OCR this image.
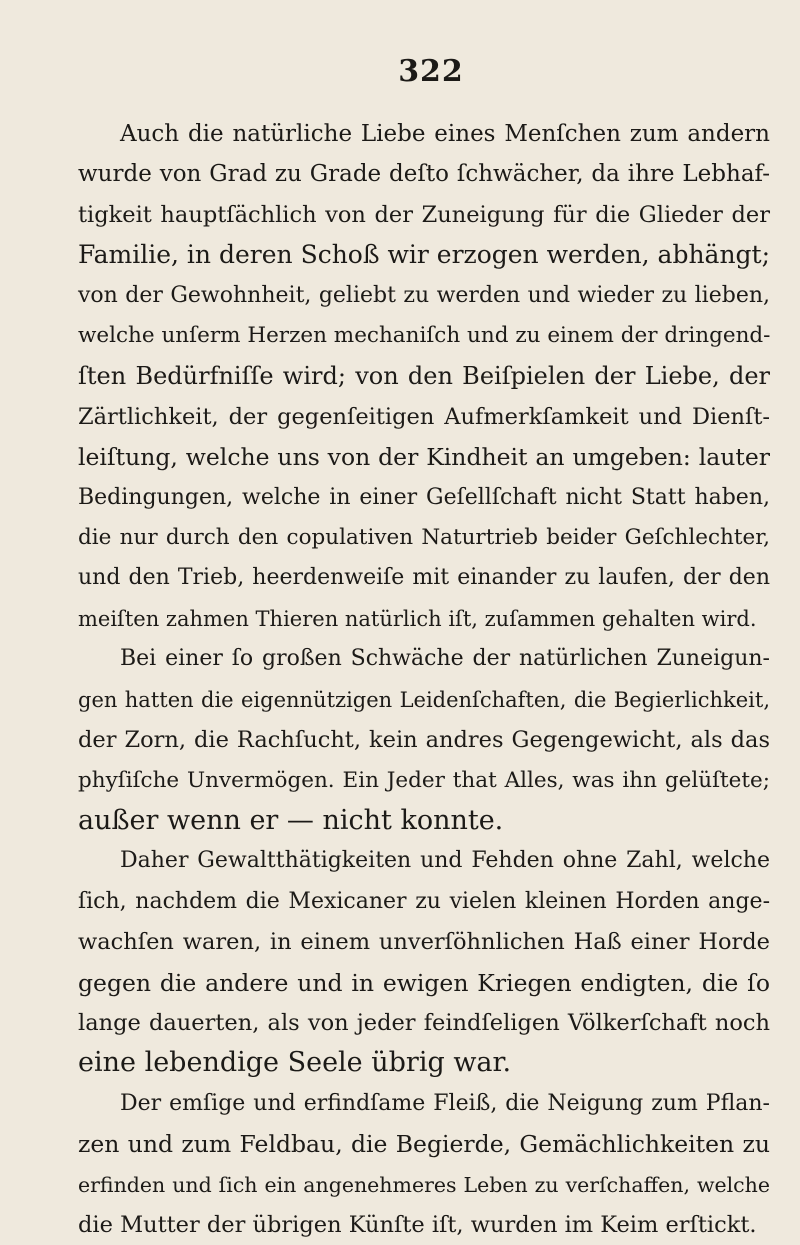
322
Auch die natürliche Liebe eines Menſchen zum andern
wurde von Grad zu Grade deſto ſchwächer, da ihre Lebhaf-
tigkeit hauptſächlich von der Zuneigung für die Glieder der
Familie, in deren Schoß wir erzogen werden, abhängt;
von der Gewohnheit, geliebt zu werden und wieder zu lieben,
welche unſerm Herzen mechaniſch und zu einem der dringend-
ſten Bedürfniſſe wird; von den Beiſpielen der Liebe, der
Zärtlichkeit, der gegenſeitigen Aufmerkſamkeit und Dienſt-
leiſtung, welche uns von der Kindheit an umgeben: lauter
Bedingungen, welche in einer Geſellſchaft nicht Statt haben,
die nur durch den copulativen Naturtrieb beider Geſchlechter,
und den Trieb, heerdenweiſe mit einander zu laufen, der den
meiſten zahmen Thieren natürlich iſt, zuſammen gehalten wird.
Bei einer ſo großen Schwäche der natürlichen Zuneigun-
gen hatten die eigennützigen Leidenſchaften, die Begierlichkeit,
der Zorn, die Rachſucht, kein andres Gegengewicht, als das
phyſiſche Unvermögen. Ein Jeder that Alles, was ihn gelüſtete;
außer wenn er — nicht konnte.
Daher Gewaltthätigkeiten und Fehden ohne Zahl, welche
ſich, nachdem die Mexicaner zu vielen kleinen Horden ange-
wachſen waren, in einem unverſöhnlichen Haß einer Horde
gegen die andere und in ewigen Kriegen endigten, die ſo
lange dauerten, als von jeder feindſeligen Völkerſchaft noch
eine lebendige Seele übrig war.
Der emſige und erfindſame Fleiß, die Neigung zum Pflan-
zen und zum Feldbau, die Begierde, Gemächlichkeiten zu
erfinden und ſich ein angenehmeres Leben zu verſchaffen, welche
die Mutter der übrigen Künſte iſt, wurden im Keim erſtickt.
